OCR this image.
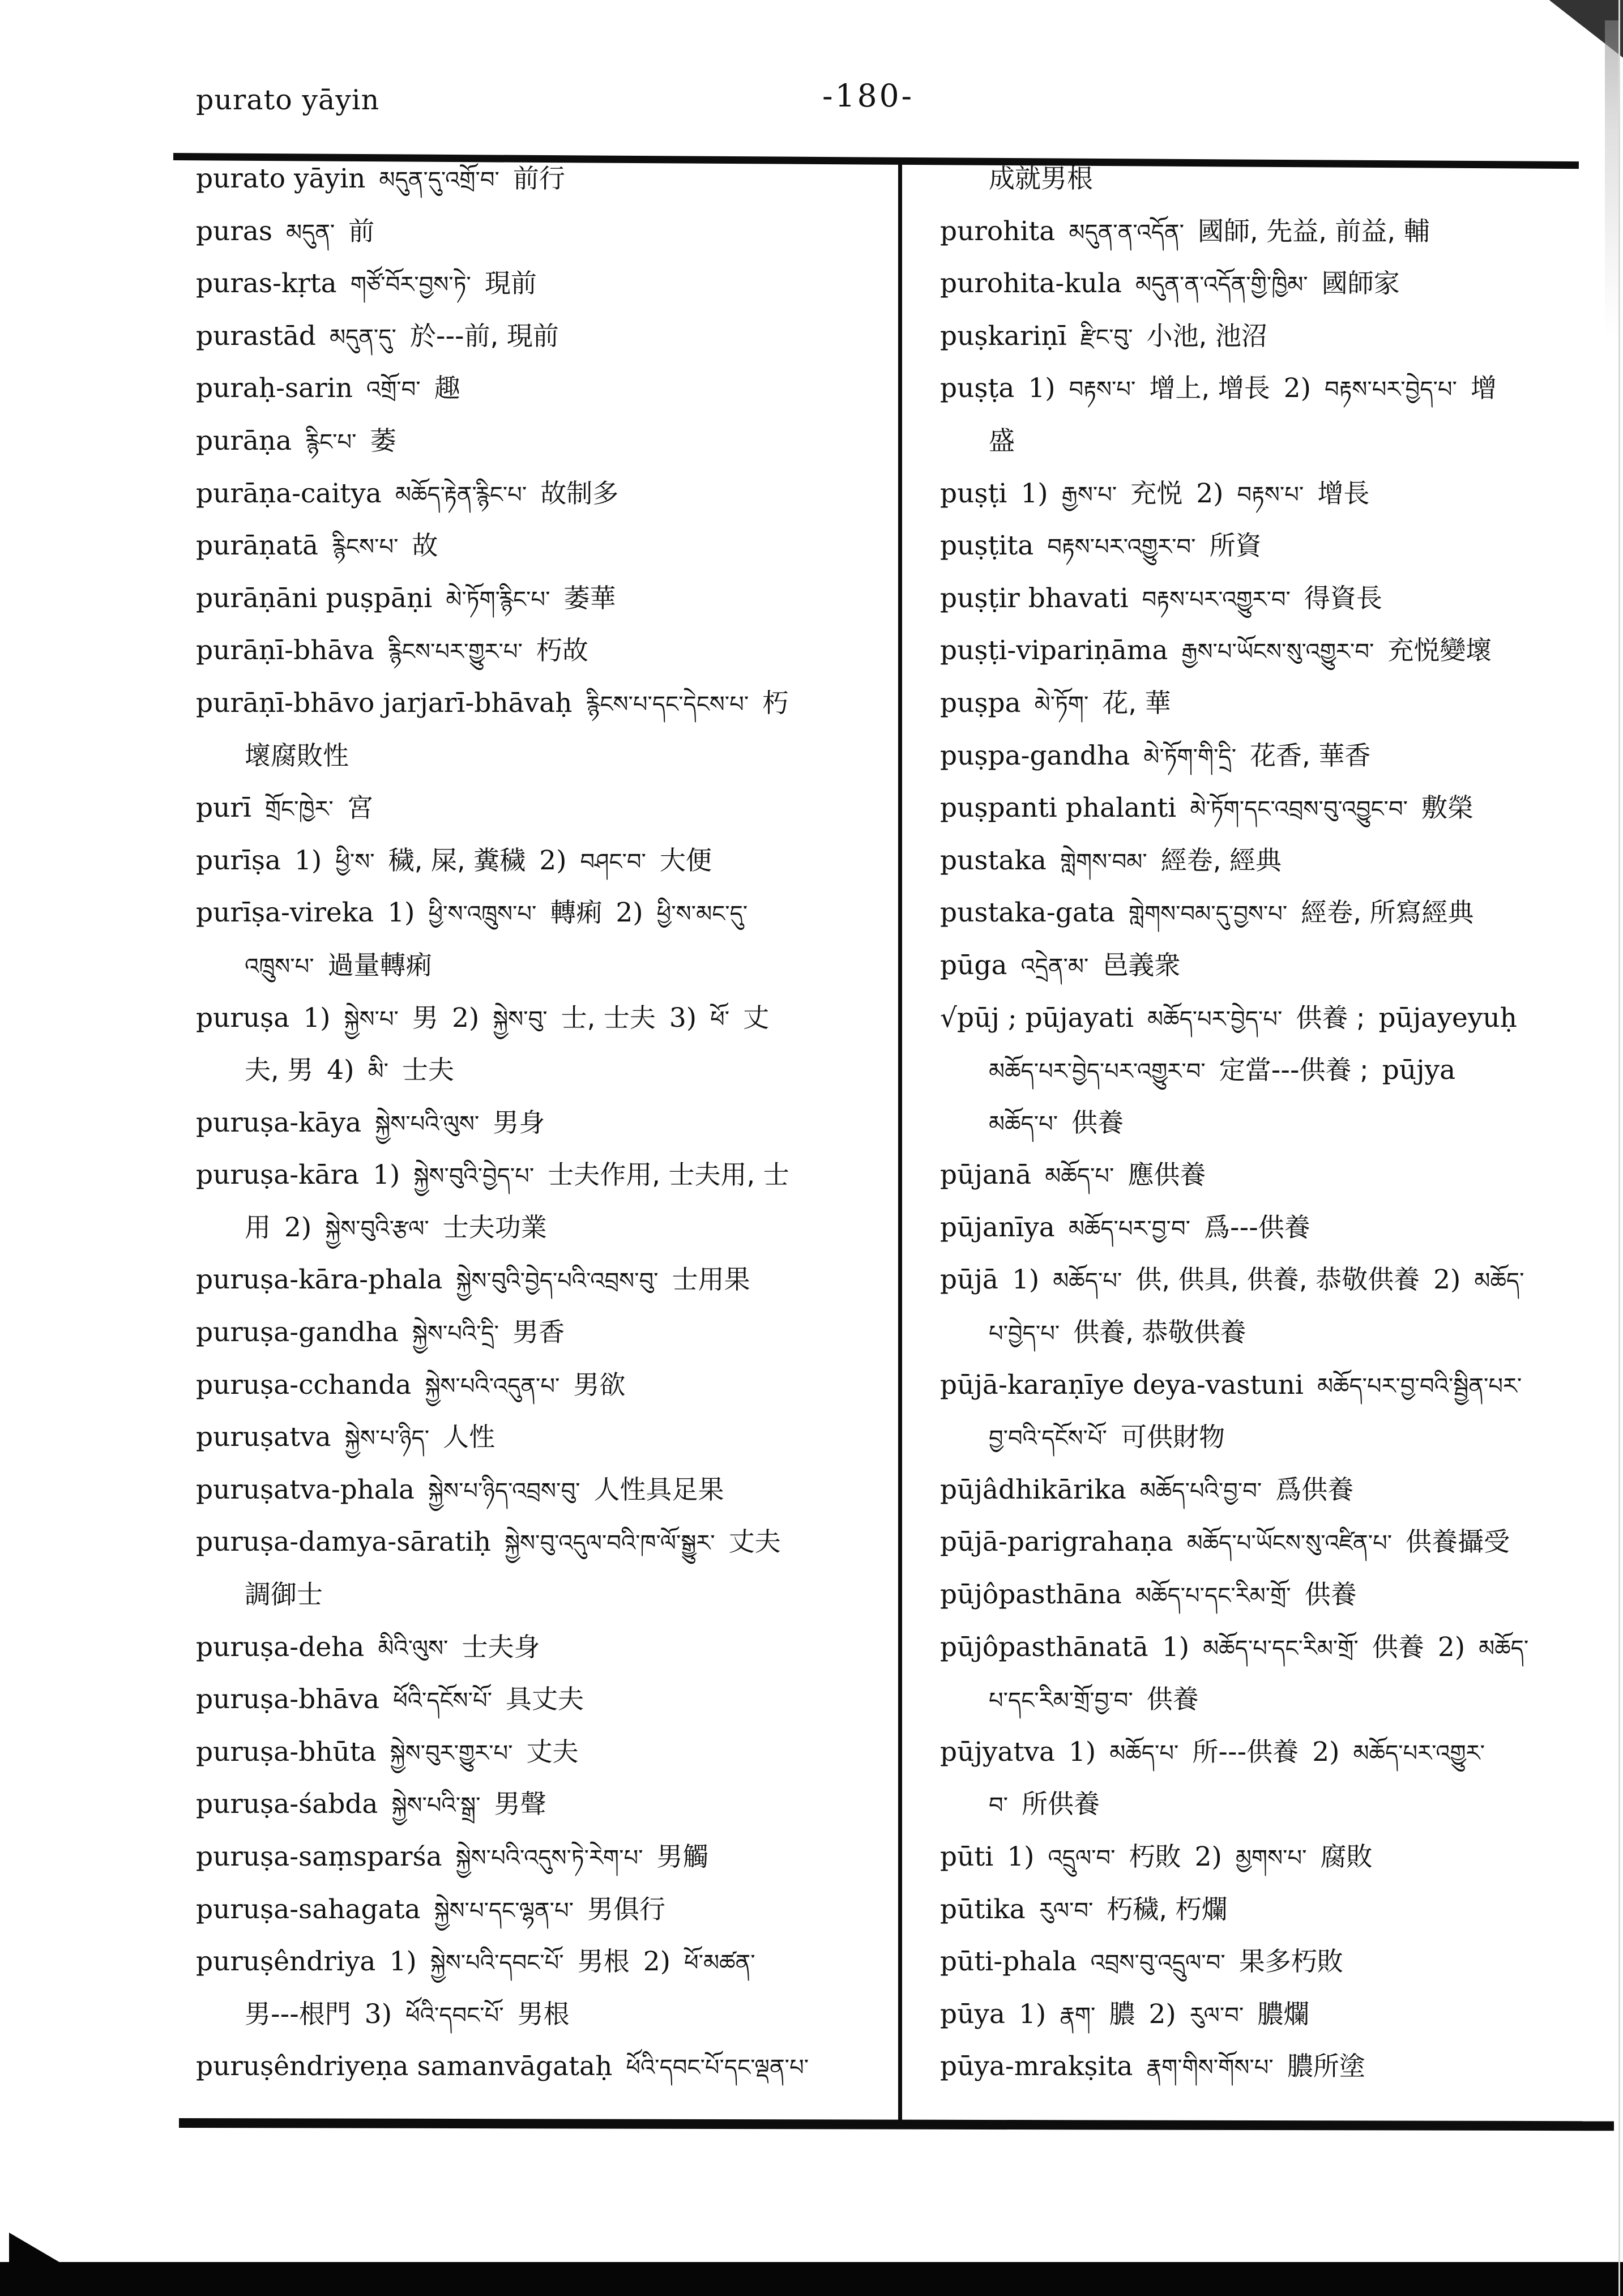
purato yāyin	-180-
purato yāyin མདུན་དུ་འགྲོ་བ་ 前行
puras མདུན་ 前
puras-kṛta གཙོ་བོར་བྱས་ཏེ་ 現前
purastād མདུན་དུ་ 於---前, 現前
puraḥ-sarin འགྲོ་བ་ 趣
purāṇa རྙིང་པ་ 萎
purāṇa-caitya མཆོད་རྟེན་རྙིང་པ་ 故制多
purāṇatā རྙིངས་པ་ 故
purāṇāni puṣpāṇi མེ་ཏོག་རྙིང་པ་ 萎華
purāṇī-bhāva རྙིངས་པར་གྱུར་པ་ 朽故
purāṇī-bhāvo jarjarī-bhāvaḥ རྙིངས་པ་དང་དེངས་པ་ 朽
壞腐敗性
purī གྲོང་ཁྱེར་ 宮
purīṣa 1) ཕྱི་ས་ 穢, 屎, 糞穢 2) བཤང་བ་ 大便
purīṣa-vireka 1) ཕྱི་ས་འཁྲུས་པ་ 轉痢 2) ཕྱི་ས་མང་དུ་
འཁྲུས་པ་ 過量轉痢
puruṣa 1) སྐྱེས་པ་ 男 2) སྐྱེས་བུ་ 士, 士夫 3) ཕོ་ 丈
夫, 男 4) མི་ 士夫
puruṣa-kāya སྐྱེས་པའི་ལུས་ 男身
puruṣa-kāra 1) སྐྱེས་བུའི་བྱེད་པ་ 士夫作用, 士夫用, 士
用 2) སྐྱེས་བུའི་རྩལ་ 士夫功業
puruṣa-kāra-phala སྐྱེས་བུའི་བྱེད་པའི་འབྲས་བུ་ 士用果
puruṣa-gandha སྐྱེས་པའི་དྲི་ 男香
puruṣa-cchanda སྐྱེས་པའི་འདུན་པ་ 男欲
puruṣatva སྐྱེས་པ་ཉིད་ 人性
puruṣatva-phala སྐྱེས་པ་ཉིད་འབྲས་བུ་ 人性具足果
puruṣa-damya-sāratiḥ སྐྱེས་བུ་འདུལ་བའི་ཁ་ལོ་སྒྱུར་ 丈夫
調御士
puruṣa-deha མིའི་ལུས་ 士夫身
puruṣa-bhāva ཕོའི་དངོས་པོ་ 具丈夫
puruṣa-bhūta སྐྱེས་བུར་གྱུར་པ་ 丈夫
puruṣa-śabda སྐྱེས་པའི་སྒྲ་ 男聲
puruṣa-saṃsparśa སྐྱེས་པའི་འདུས་ཏེ་རེག་པ་ 男觸
puruṣa-sahagata སྐྱེས་པ་དང་ལྷན་པ་ 男俱行
puruṣêndriya 1) སྐྱེས་པའི་དབང་པོ་ 男根 2) ཕོ་མཚན་
男---根門 3) ཕོའི་དབང་པོ་ 男根
puruṣêndriyeṇa samanvāgataḥ ཕོའི་དབང་པོ་དང་ལྡན་པ་
成就男根
purohita མདུན་ན་འདོན་ 國師, 先益, 前益, 輔
purohita-kula མདུན་ན་འདོན་གྱི་ཁྱིམ་ 國師家
puṣkariṇī རྫིང་བུ་ 小池, 池沼
puṣṭa 1) བརྟས་པ་ 增上, 增長 2) བརྟས་པར་བྱེད་པ་ 增
盛
puṣṭi 1) རྒྱས་པ་ 充悦 2) བརྟས་པ་ 增長
puṣṭita བརྟས་པར་འགྱུར་བ་ 所資
puṣṭir bhavati བརྟས་པར་འགྱུར་བ་ 得資長
puṣṭi-vipariṇāma རྒྱས་པ་ཡོངས་སུ་འགྱུར་བ་ 充悦變壞
puṣpa མེ་ཏོག་ 花, 華
puṣpa-gandha མེ་ཏོག་གི་དྲི་ 花香, 華香
puṣpanti phalanti མེ་ཏོག་དང་འབྲས་བུ་འབྱུང་བ་ 敷榮
pustaka གླེགས་བམ་ 經卷, 經典
pustaka-gata གླེགས་བམ་དུ་བྱས་པ་ 經卷, 所寫經典
pūga འདྲེན་མ་ 邑義衆
√pūj ; pūjayati མཆོད་པར་བྱེད་པ་ 供養 ; pūjayeyuḥ
མཆོད་པར་བྱེད་པར་འགྱུར་བ་ 定當---供養 ; pūjya
མཆོད་པ་ 供養
pūjanā མཆོད་པ་ 應供養
pūjanīya མཆོད་པར་བྱ་བ་ 爲---供養
pūjā 1) མཆོད་པ་ 供, 供具, 供養, 恭敬供養 2) མཆོད་
པ་བྱེད་པ་ 供養, 恭敬供養
pūjā-karaṇīye deya-vastuni མཆོད་པར་བྱ་བའི་སྦྱིན་པར་
བྱ་བའི་དངོས་པོ་ 可供財物
pūjâdhikārika མཆོད་པའི་བྱ་བ་ 爲供養
pūjā-parigrahaṇa མཆོད་པ་ཡོངས་སུ་འཛིན་པ་ 供養攝受
pūjôpasthāna མཆོད་པ་དང་རིམ་གྲོ་ 供養
pūjôpasthānatā 1) མཆོད་པ་དང་རིམ་གྲོ་ 供養 2) མཆོད་
པ་དང་རིམ་གྲོ་བྱ་བ་ 供養
pūjyatva 1) མཆོད་པ་ 所---供養 2) མཆོད་པར་འགྱུར་
བ་ 所供養
pūti 1) འདྲུལ་བ་ 朽敗 2) མྱགས་པ་ 腐敗
pūtika རུལ་བ་ 朽穢, 朽爛
pūti-phala འབྲས་བུ་འདྲུལ་བ་ 果多朽敗
pūya 1) རྣག་ 膿 2) རུལ་བ་ 膿爛
pūya-mrakṣita རྣག་གིས་གོས་པ་ 膿所塗
